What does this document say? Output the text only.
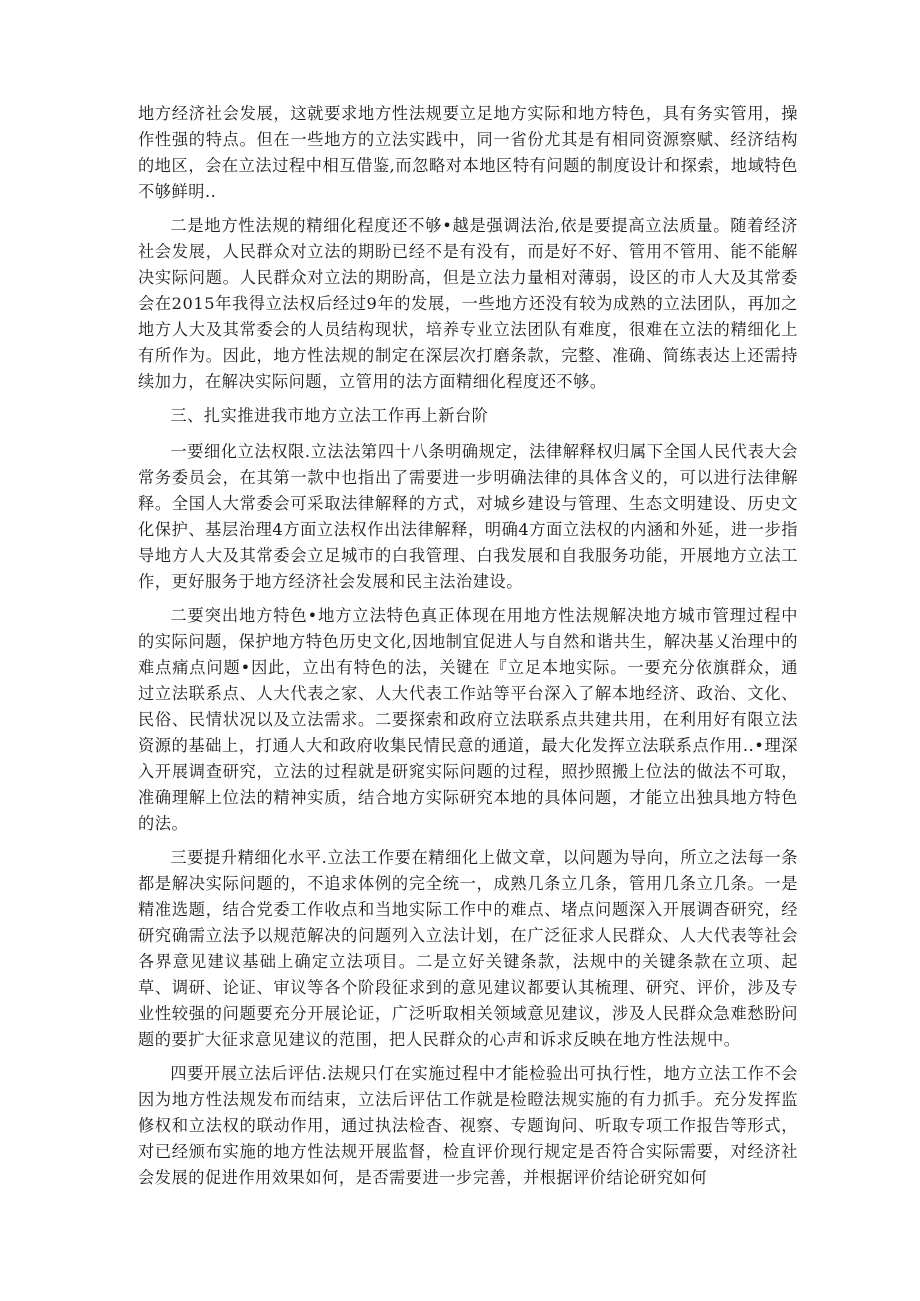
地方经济社会发展，这就要求地方性法规要立足地方实际和地方特色，具有务实管用，操作性强的特点。但在一些地方的立法实践中，同一省份尤其是有相同资源察赋、经济结构的地区，会在立法过程中相互借鉴,而忽略对本地区特有问题的制度设计和探索，地域特色不够鲜明..

二是地方性法规的精细化程度还不够•越是强调法治,依是要提高立法质量。随着经济社会发展，人民群众对立法的期盼已经不是有没有，而是好不好、管用不管用、能不能解决实际问题。人民群众对立法的期盼高，但是立法力量相对薄弱，设区的市人大及其常委会在2015年我得立法权后经过9年的发展，一些地方还没有较为成熟的立法团队，再加之地方人大及其常委会的人员结构现状，培养专业立法团队有难度，很难在立法的精细化上有所作为。因此，地方性法规的制定在深层次打磨条款，完整、准确、简练表达上还需持续加力，在解决实际问题，立管用的法方面精细化程度还不够。

三、扎实推进我市地方立法工作再上新台阶

一要细化立法权限.立法法第四十八条明确规定，法律解释权归属下全国人民代表大会常务委员会，在其第一款中也指出了需要进一步明确法律的具体含义的，可以进行法律解释。全国人大常委会可采取法律解释的方式，对城乡建设与管理、生态文明建设、历史文化保护、基层治理4方面立法权作出法律解释，明确4方面立法权的内涵和外延，进一步指导地方人大及其常委会立足城市的白我管理、白我发展和自我服务功能，开展地方立法工作，更好服务于地方经济社会发展和民主法治建设。

二要突出地方特色•地方立法特色真正体现在用地方性法规解决地方城市管理过程中的实际问题，保护地方特色历史文化,因地制宜促进人与自然和谐共生，解决基乂治理中的难点痛点问题•因此，立出有特色的法，关键在『立足本地实际。一要充分依旗群众，通过立法联系点、人大代表之家、人大代表工作站等平台深入了解本地经济、政治、文化、民俗、民情状况以及立法需求。二要探索和政府立法联系点共建共用，在利用好有限立法资源的基础上，打通人大和政府收集民情民意的通道，最大化发挥立法联系点作用..•理深入开展调查研究，立法的过程就是研窕实际问题的过程，照抄照搬上位法的做法不可取，准确理解上位法的精神实质，结合地方实际研究本地的具体问题，才能立出独具地方特色的法。

三要提升精细化水平.立法工作要在精细化上做文章，以问题为导向，所立之法每一条都是解决实际问题的，不追求体例的完全统一，成熟几条立几条，管用几条立几条。一是精准选题，结合党委工作收点和当地实际工作中的难点、堵点问题深入开展调杳研究，经研究确需立法予以规范解决的问题列入立法计划，在广泛征求人民群众、人大代表等社会各界意见建议基础上确定立法项目。二是立好关键条款，法规中的关键条款在立项、起草、调研、论证、审议等各个阶段征求到的意见建议都要认其梳理、研究、评价，涉及专业性较强的问题要充分开展论证，广泛听取相关领域意见建议，涉及人民群众急难愁盼问题的要扩大征求意见建议的范围，把人民群众的心声和诉求反映在地方性法规中。

四要开展立法后评估.法规只仃在实施过程中才能检验出可执行性，地方立法工作不会因为地方性法规发布而结束，立法后评估工作就是检瞪法规实施的有力抓手。充分发挥监修权和立法权的联动作用，通过执法检杳、视察、专题询问、听取专项工作报告等形式，对已经颁布实施的地方性法规开展监督，检直评价现行规定是否符合实际需要，对经济社会发展的促进作用效果如何，是否需要进一步完善，并根据评价结论研究如何
